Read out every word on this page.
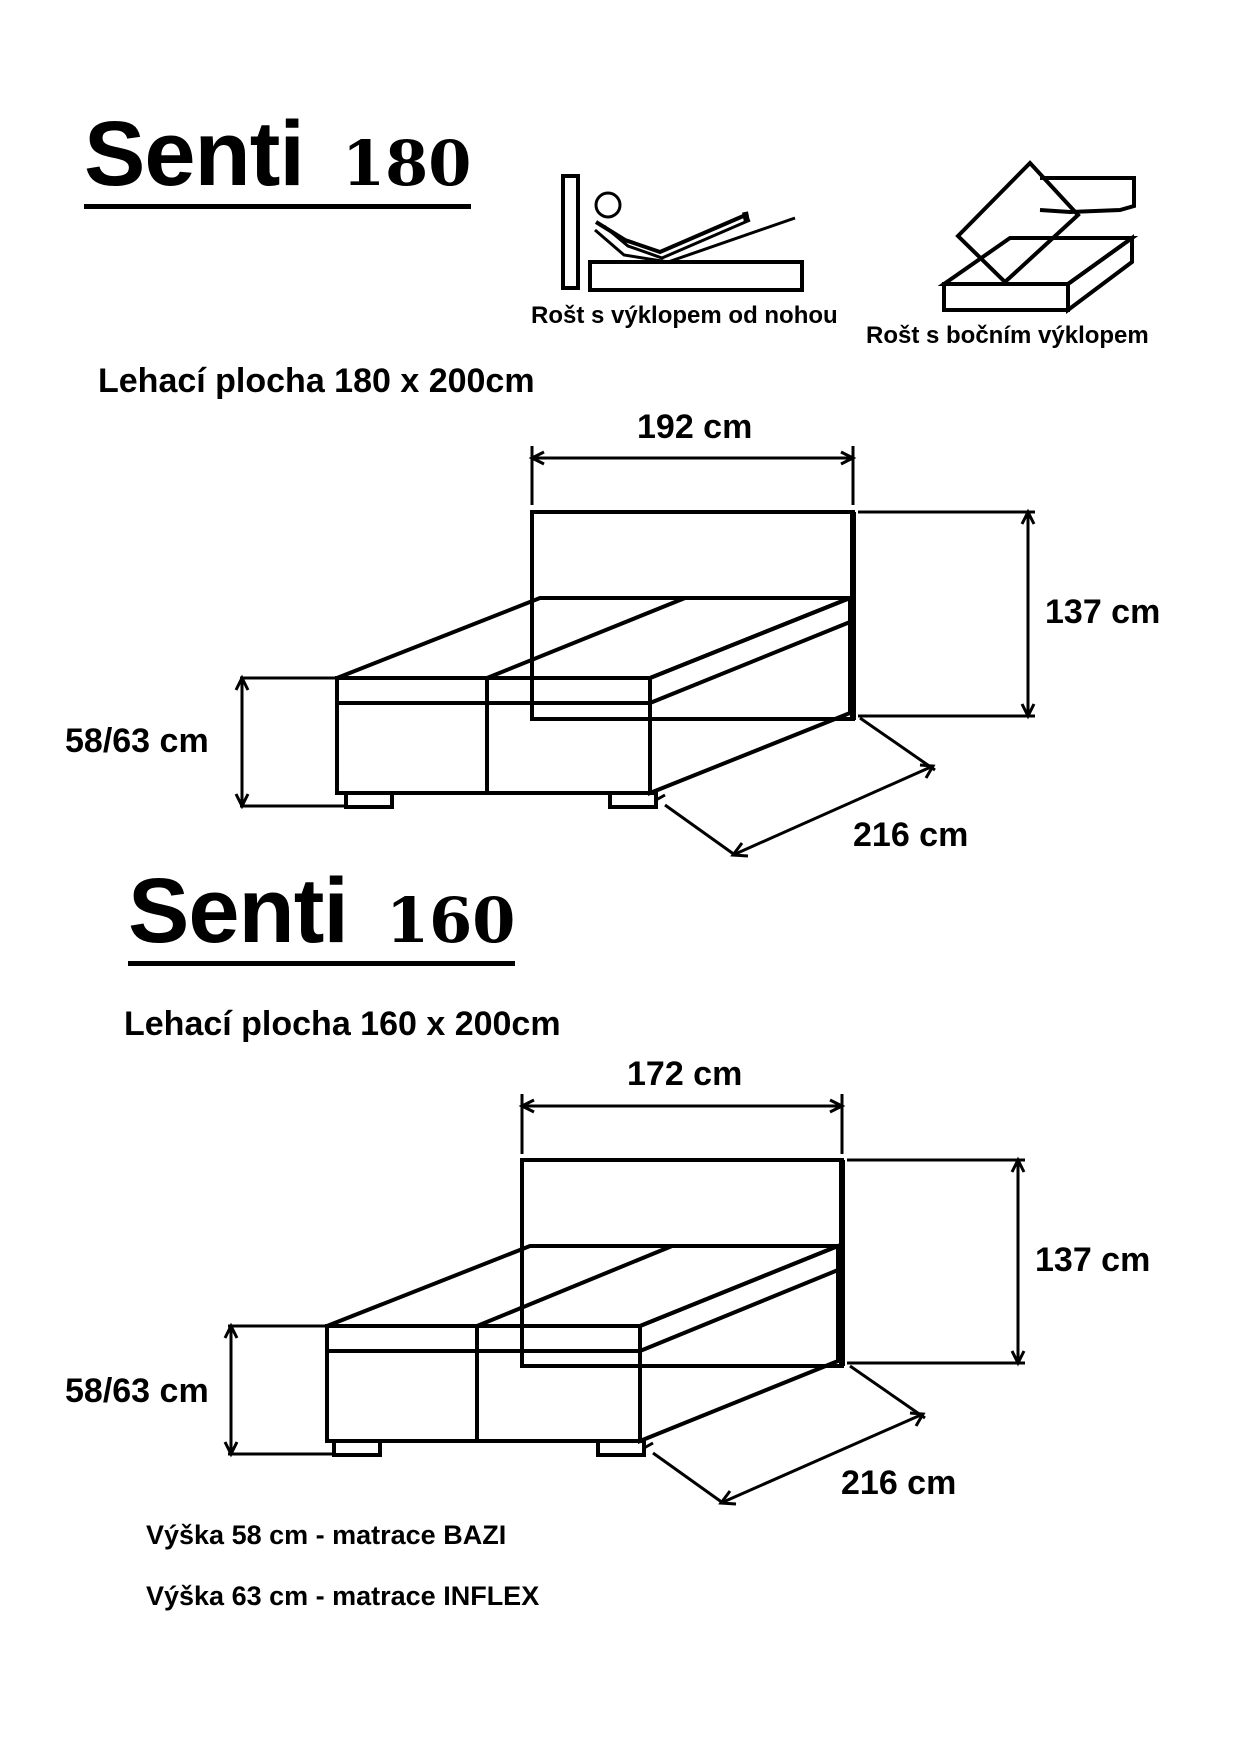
Senti 180
Rošt s výklopem od nohou
Rošt s bočním výklopem
Lehací plocha 180 x 200cm
192 cm
137 cm
58/63 cm
216 cm
Senti 160
Lehací plocha 160 x 200cm
172 cm
137 cm
58/63 cm
216 cm
Výška 58 cm - matrace BAZI
Výška 63 cm - matrace INFLEX
